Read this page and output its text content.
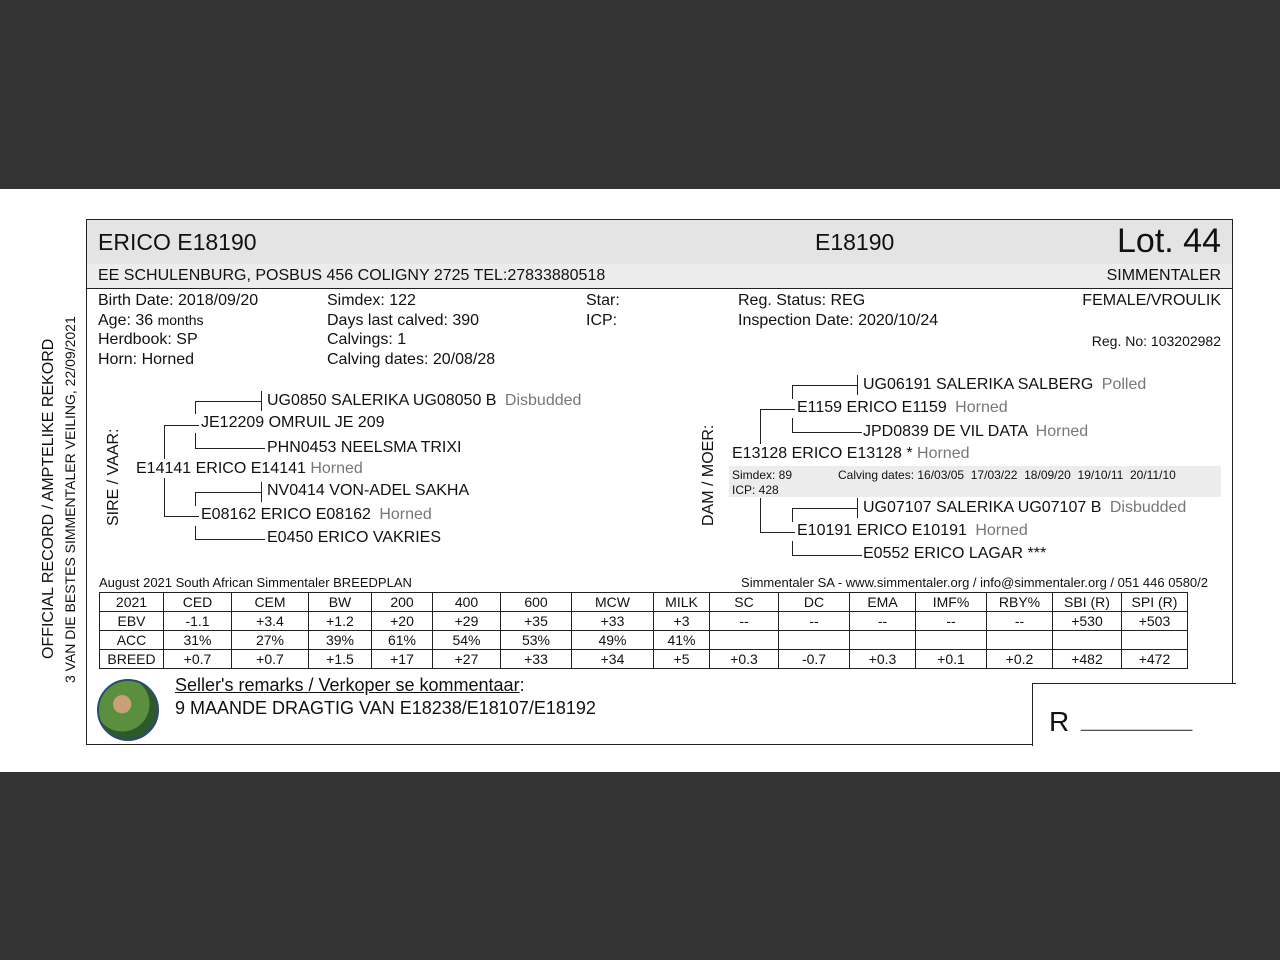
OFFICIAL RECORD / AMPTELIKE REKORD 3 VAN DIE BESTES SIMMENTALER VEILING, 22/09/2021
ERICO E18190	E18190	Lot. 44
EE SCHULENBURG, POSBUS 456 COLIGNY 2725 TEL:27833880518	SIMMENTALER
Birth Date: 2018/09/20
Age: 36 months
Herdbook: SP
Horn: Horned
Simdex: 122
Days last calved: 390
Calvings: 1
Calving dates: 20/08/28
Star:
ICP:
Reg. Status: REG
Inspection Date: 2020/10/24
FEMALE/VROULIK
Reg. No: 103202982
SIRE / VAAR: E14141 ERICO E14141 Horned
JE12209 OMRUIL JE 209
UG0850 SALERIKA UG08050 B Disbudded
PHN0453 NEELSMA TRIXI
E08162 ERICO E08162 Horned
NV0414 VON-ADEL SAKHA
E0450 ERICO VAKRIES
DAM / MOER: E13128 ERICO E13128 * Horned
Simdex: 89	Calving dates: 16/03/05  17/03/22  18/09/20  19/10/11  20/11/10
ICP: 428
E1159 ERICO E1159 Horned
UG06191 SALERIKA SALBERG Polled
JPD0839 DE VIL DATA Horned
E10191 ERICO E10191 Horned
UG07107 SALERIKA UG07107 B Disbudded
E0552 ERICO LAGAR ***
August 2021 South African Simmentaler BREEDPLAN	Simmentaler SA - www.simmentaler.org / info@simmentaler.org / 051 446 0580/2
2021	CED	CEM	BW	200	400	600	MCW	MILK	SC	DC	EMA	IMF%	RBY%	SBI (R)	SPI (R)
EBV	-1.1	+3.4	+1.2	+20	+29	+35	+33	+3	--	--	--	--	--	+530	+503
ACC	31%	27%	39%	61%	54%	53%	49%	41%							
BREED	+0.7	+0.7	+1.5	+17	+27	+33	+34	+5	+0.3	-0.7	+0.3	+0.1	+0.2	+482	+472
Seller's remarks / Verkoper se kommentaar:
9 MAANDE DRAGTIG VAN E18238/E18107/E18192	R __________
